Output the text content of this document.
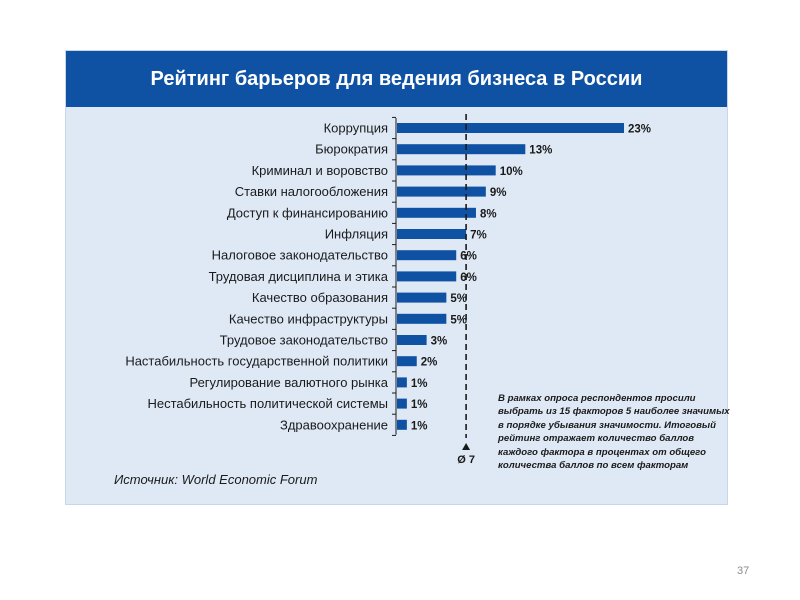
Рейтинг барьеров для ведения бизнеса в России
Коррупция	23%
Бюрократия	13%
Криминал и воровство	10%
Ставки налогообложения	9%
Доступ к финансированию	8%
Инфляция	7%
Налоговое законодательство	6%
Трудовая дисциплина и этика	6%
Качество образования	5%
Качество инфраструктуры	5%
Трудовое законодательство	3%
Настабильность государственной политики	2%
Регулирование валютного рынка 1%
Нестабильность политической системы 1%
Здравоохранение 1%
Ø 7
В рамках опроса респондентов просили выбрать из 15 факторов 5 наиболее значимых в порядке убывания значимости. Итоговый рейтинг отражает количество баллов каждого фактора в процентах от общего количества баллов по всем факторам
Источник: World Economic Forum
37
